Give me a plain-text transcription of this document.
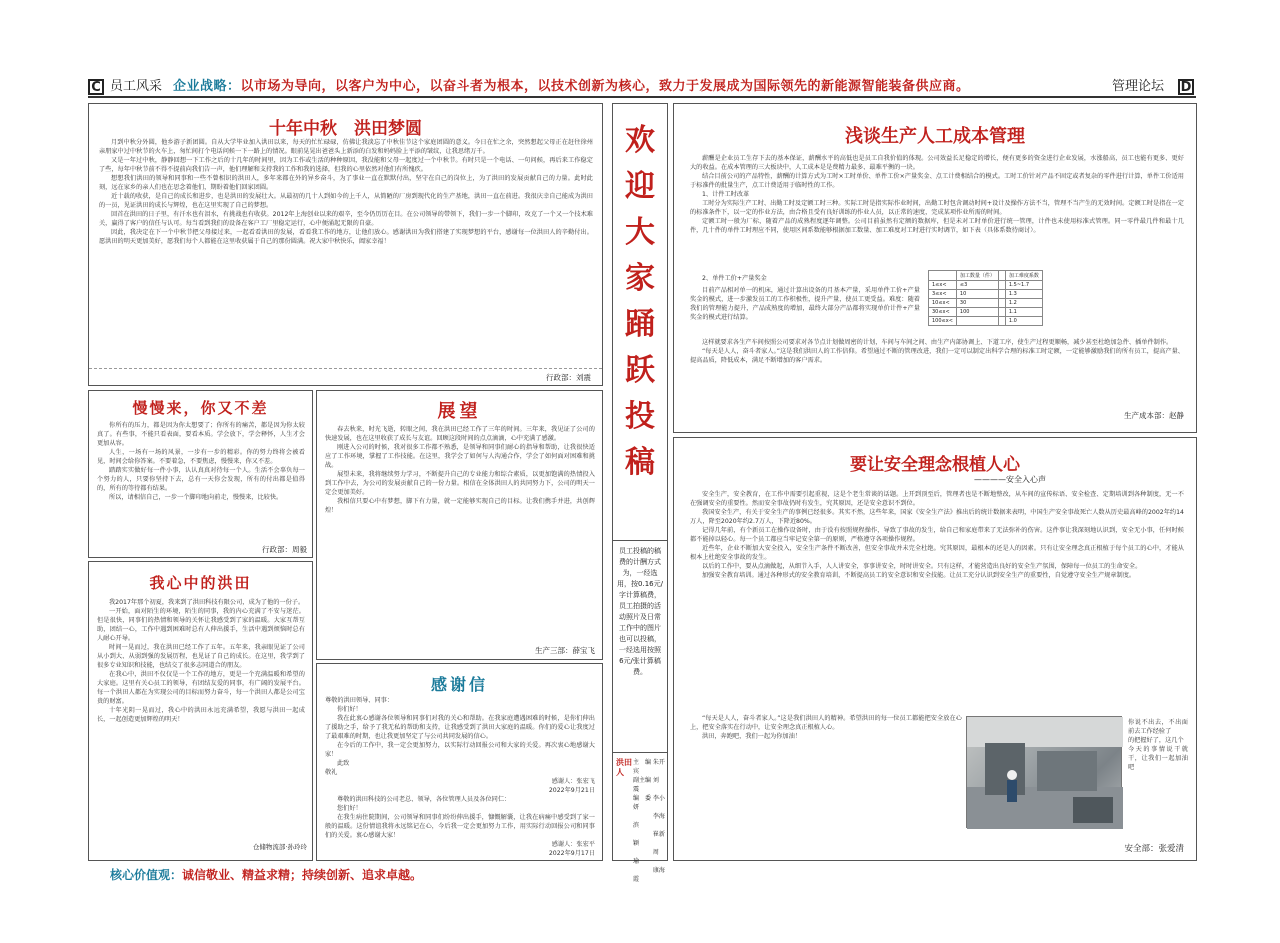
C 员工风采 企业战略：以市场为导向，以客户为中心，以奋斗者为根本，以技术创新为核心，致力于发展成为国际领先的新能源智能装备供应商。	管理论坛 D
十年中秋　洪田梦圆

月到中秋分外圆，他乡游子新团圆。自从大学毕业加入洪田以来，每天的忙忙碌碌，仿佛让我淡忘了中秋佳节这个家庭团圆的意义。今日在忙之余，突然想起父母正在赶往徐州亲朋家中过中秋节的火车上，匆忙间打个电话问候一下一路上的情况。眼前晃晃出爸爸头上新添的白发和妈妈脸上平添的皱纹，让我思绪万千。

又是一年过中秋，静静回想一下工作之后的十几年的时间里，因为工作或生活的种种原因，我没能和父母一起度过一个中秋节。有时只是一个电话、一句问候，再后来工作稳定了些，每年中秋节前不得不提前向我们告一声，他们理解和支持我的工作和我的选择，但我的心里依然对他们有所愧疚。

想想我们洪田的领导和同事和一些不曾相识的洪田人，多年来都在外的异乡奋斗，为了事业一直在默默付出，坚守在自己的岗位上，为了洪田的发展贡献自己的力量。此时此刻，远在家乡的亲人们也在思念着他们，期盼着他们回家团圆。

近十载的收获，是自己的成长和进步，也是洪田的发展壮大。从最初的几十人到如今的上千人，从简陋的厂房到现代化的生产基地，洪田一直在前进。我很庆幸自己能成为洪田的一员，见证洪田的成长与辉煌，也在这里实现了自己的梦想。

回首在洪田的日子里，有汗水也有泪水，有挑战也有收获。2012年上海创业以来的艰辛，至今仍历历在目。在公司领导的带领下，我们一步一个脚印，攻克了一个又一个技术难关，赢得了客户的信任与认可。每当看到我们的设备在客户工厂里稳定运行，心中便涌起无限的自豪。

因此，我决定在下一个中秋节把父母接过来，一起看看洪田的发展，看看我工作的地方，让他们放心。感谢洪田为我们搭建了实现梦想的平台，感谢每一位洪田人的辛勤付出。愿洪田的明天更加美好，愿我们每个人都能在这里收获属于自己的那份圆满。祝大家中秋快乐，阖家幸福！

行政部：刘震
慢慢来，你又不差

你所有的压力，都是因为你太想要了；你所有的痛苦，都是因为你太较真了。有些事，不能只看表面，要看本质。学会放下，学会释怀，人生才会更加从容。

人生，一场有一场的风景，一步有一步的精彩。你的努力终将会被看见，时间会给你答案。不要着急，不要焦虑，慢慢来，你又不差。

踏踏实实做好每一件小事，认认真真对待每一个人。生活不会辜负每一个努力的人，只要你坚持下去，总有一天你会发现，所有的付出都是值得的，所有的等待都有结果。

所以，请相信自己，一步一个脚印地向前走，慢慢来，比较快。

行政部：周毅
展望

春去秋来，时光飞逝，转眼之间，我在洪田已经工作了三年的时间。三年来，我见证了公司的快速发展，也在这里收获了成长与友谊。回顾这段时间的点点滴滴，心中充满了感激。

刚进入公司的时候，我对很多工作都不熟悉，是领导和同事们耐心的指导和帮助，让我很快适应了工作环境，掌握了工作技能。在这里，我学会了如何与人沟通合作，学会了如何面对困难和挑战。

展望未来，我将继续努力学习，不断提升自己的专业能力和综合素质，以更加饱满的热情投入到工作中去，为公司的发展贡献自己的一份力量。相信在全体洪田人的共同努力下，公司的明天一定会更加美好。

我相信只要心中有梦想，脚下有力量，就一定能够实现自己的目标。让我们携手并进，共创辉煌！

生产三部：薛宝飞
我心中的洪田

我2017年那个初夏，我来到了洪田科技有限公司，成为了他的一份子。

一开始，面对陌生的环境，陌生的同事，我的内心充满了不安与迷茫。但是很快，同事们的热情和领导的关怀让我感受到了家的温暖。大家互帮互助，团结一心，工作中遇到困难时总有人伸出援手，生活中遇到烦恼时总有人耐心开导。

时间一晃而过，我在洪田已经工作了五年。五年来，我亲眼见证了公司从小到大、从弱到强的发展历程，也见证了自己的成长。在这里，我学到了很多专业知识和技能，也结交了很多志同道合的朋友。

在我心中，洪田不仅仅是一个工作的地方，更是一个充满温暖和希望的大家庭。这里有关心员工的领导，有团结友爱的同事，有广阔的发展平台。每一个洪田人都在为实现公司的目标而努力奋斗，每一个洪田人都是公司宝贵的财富。

十年光阴一晃而过，我心中的洪田永远充满希望，我愿与洪田一起成长，一起创造更加辉煌的明天！

仓储物流部·孙玲玲
感谢信

尊敬的洪田领导、同事：

你们好！

我在此衷心感谢各位领导和同事们对我的关心和帮助。在我家庭遭遇困难的时候，是你们伸出了援助之手，给予了我无私的帮助和支持，让我感受到了洪田大家庭的温暖。你们的爱心让我度过了最艰难的时期，也让我更加坚定了与公司共同发展的信心。

在今后的工作中，我一定会更加努力，以实际行动回报公司和大家的关爱。再次衷心地感谢大家！

此致

敬礼

感谢人：张宏飞

2022年9月21日

尊敬的洪田科技的公司老总、领导，各位管理人员及各位同仁：

您们好！

在我生病住院期间，公司领导和同事们纷纷伸出援手，慷慨解囊，让我在病痛中感受到了家一般的温暖。这份情谊我将永远铭记在心，今后我一定会更加努力工作，用实际行动回报公司和同事们的关爱。衷心感谢大家！

感谢人：张宏平

2022年9月17日

欢
迎
大
家
踊
跃
投
稿
员工投稿的稿费的计酬方式为，一经选用，按0.16元/字计算稿费，员工拍摄的活动照片及日常工作中的图片也可以投稿，一经选用按照6元/张计算稿费。
洪田人
主　编 朱开宾
副主编 刘　震
编　委 李小妍
　　　 李海滨
　　　 崔新颖
　　　 周　瑜
　　　 康海霞
浅谈生产人工成本管理

薪酬是企业员工生存下去的基本保证，薪酬水平的高低也是员工自我价值的体现。公司效益长足稳定的增长，便有更多的资金进行企业发展，水涨船高，员工也能有更多、更好大的收益。在成本管理的三大板块中，人工成本是是费精力最多、最难平衡的一块。

结合目前公司的产品特性，薪酬的计算方式为工时×工时单价、单件工价×产量奖金、点工计费相结合的模式。工时工价针对产品不固定或者复杂的零件进行计算，单件工价适用于标准件的批量生产，点工计费适用于临时性的工作。

1、计件工时改革

工时分为实际生产工时、出勤工时及定额工时三种。实际工时是指实际作业时间，出勤工时包含调动时间+设计及操作方法不当，管理不当产生的无效时间。定额工时是指在一定的标准条件下，以一定的作业方法，由合格且受有良好训练的作业人员，以正常的速度，完成某项作业所需的时间。

定额工时一般为厂标，随着产品的成熟程度逐年调整。公司目前虽然有定额的数据库，但是未对工时单价进行统一管理，计件也未使用标准式管理。同一零件最几件和最十几件，几十件的单件工时理应不同，使用区间系数能够根据加工数量、加工难度对工时进行实时调节，如下表（具体系数待商讨）。

2、单件工价+产量奖金

目前产品相对单一的机床，通过计算出设备的月基本产量，采用单件工价+产量奖金的模式，进一步激发员工的工作积极性，提升产量，使员工更受益。难度：随着我们的管理能力提升，产品成熟度的增加，最终大部分产品都将实现单价计件+产量奖金的模式进行结算。

	加工数量（件）		加工难度系数
1≤x<	≤3		1.5~1.7
3≤x<	10		1.3
10≤x<	30		1.2
30≤x<	100		1.1
100≤x<			1.0

这样就要求各生产车间按照公司要求对各节点计划做周密的计划，车间与车间之间、由生产内部协调上、下道工序，使生产过程更顺畅，减少甚至杜绝加急件、插单件制作。

“每天是人人，奋斗者家人。”这是我们洪田人的工作信仰。希望通过不断的管理改进，我们一定可以制定出科学合理的标准工时定额，一定能够激励我们的所有员工，提高产量、提高品质，降低成本，满足不断增加的客户需求。

生产成本部：赵静
要让安全理念根植人心
————安全入心声

安全生产，安全教育，在工作中需要引起重视，这是个老生常谈的话题。上开到顶至后，管理者也是不断地整改，从车间的宣传标语、安全检查、定期培训到各种制度，无一不在强调安全的重要性。然而安全事故仍时有发生，究其原因，还是安全意识不到位。

我国安全生产，有关于安全生产的事例已经很多。其实不然，这些年来，国家《安全生产法》推出后的统计数据来表明，中国生产安全事故死亡人数从历史最高峰的2002年约14万人，降至2020年约2.7万人，下降近80%。

记得几年前，有个新员工在操作设备时，由于没有按照规程操作，导致了事故的发生，给自己和家庭带来了无法弥补的伤害。这件事让我深刻地认识到，安全无小事，任何时候都不能掉以轻心。每一个员工都应当牢记安全第一的原则，严格遵守各项操作规程。

近些年，企业不断加大安全投入，安全生产条件不断改善，但安全事故并未完全杜绝。究其原因，最根本的还是人的因素。只有让安全理念真正根植于每个员工的心中，才能从根本上杜绝安全事故的发生。

以后的工作中，要从点滴做起，从细节入手，人人讲安全，事事讲安全，时时讲安全。只有这样，才能营造出良好的安全生产氛围，保障每一位员工的生命安全。

加强安全教育培训。通过各种形式的安全教育培训，不断提高员工的安全意识和安全技能。让员工充分认识到安全生产的重要性，自觉遵守安全生产规章制度。

“每天是人人，奋斗者家人。”这是我们洪田人的精神。希望洪田的每一位员工都能把安全放在心上，把安全落实在行动中，让安全理念真正根植人心。

洪田，奔跑吧，我们一起为你加油！

你说不出去，不出面前去工作经验了

的把握好了，这几个

今天的事情说干就干，让我们一起加油吧

安全部：张爱清
核心价值观：诚信敬业、精益求精；持续创新、追求卓越。
